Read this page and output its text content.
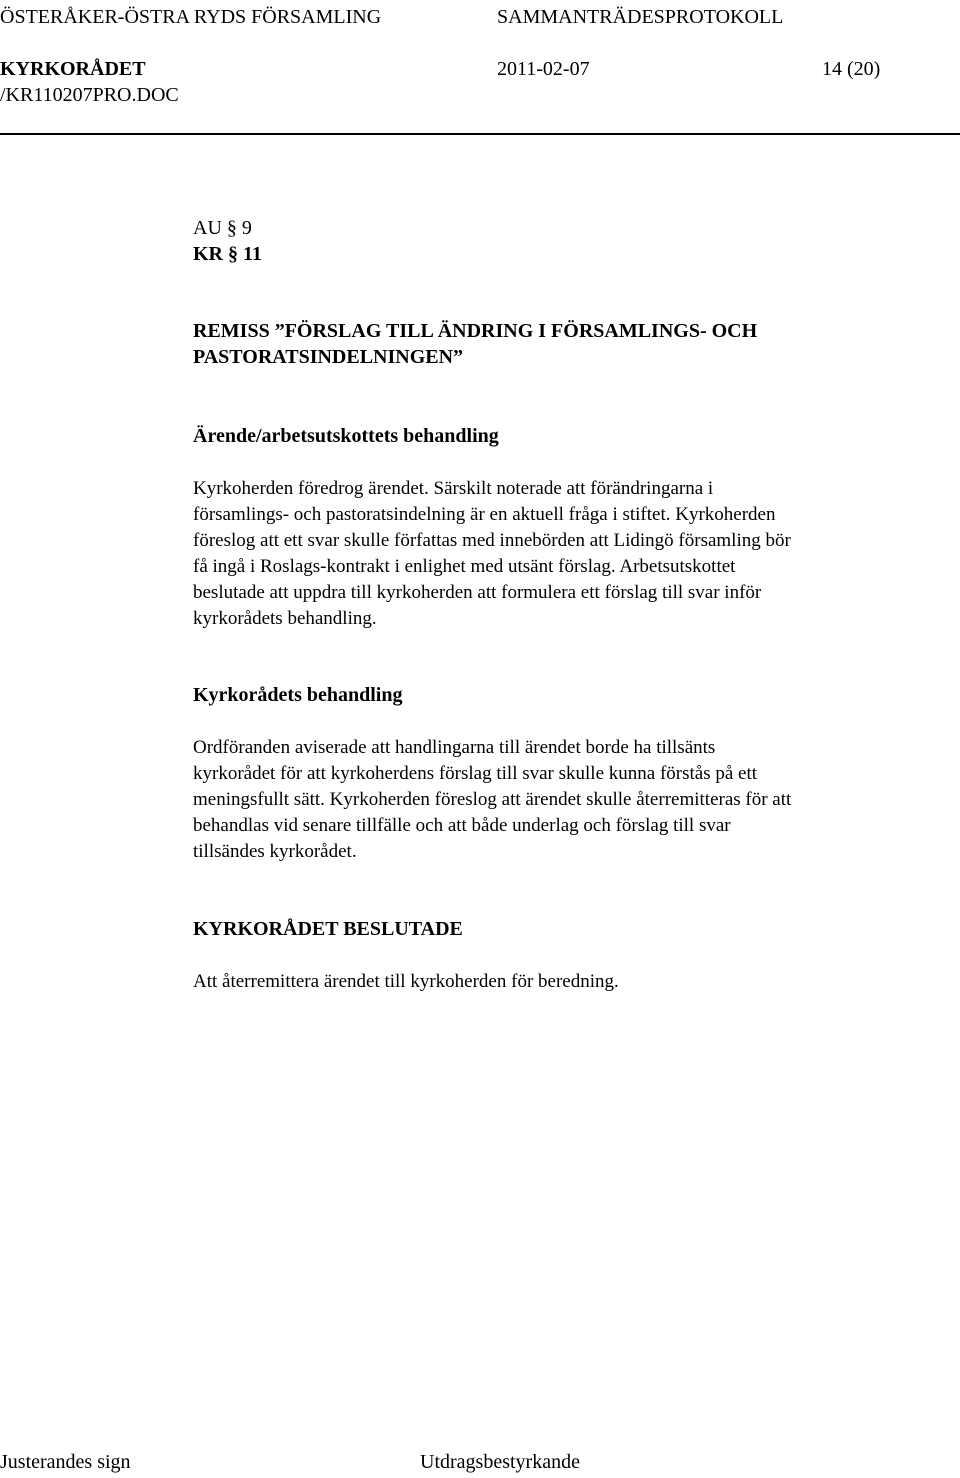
ÖSTERÅKER-ÖSTRA RYDS FÖRSAMLING	SAMMANTRÄDESPROTOKOLL
KYRKORÅDET	2011-02-07	14 (20)
/KR110207PRO.DOC
AU § 9
KR § 11
REMISS ”FÖRSLAG TILL ÄNDRING I FÖRSAMLINGS- OCH
PASTORATSINDELNINGEN”
Ärende/arbetsutskottets behandling
Kyrkoherden föredrog ärendet. Särskilt noterade att förändringarna i
församlings- och pastoratsindelning är en aktuell fråga i stiftet. Kyrkoherden
föreslog att ett svar skulle författas med innebörden att Lidingö församling bör
få ingå i Roslags-kontrakt i enlighet med utsänt förslag. Arbetsutskottet
beslutade att uppdra till kyrkoherden att formulera ett förslag till svar inför
kyrkorådets behandling.
Kyrkorådets behandling
Ordföranden aviserade att handlingarna till ärendet borde ha tillsänts
kyrkorådet för att kyrkoherdens förslag till svar skulle kunna förstås på ett
meningsfullt sätt. Kyrkoherden föreslog att ärendet skulle återremitteras för att
behandlas vid senare tillfälle och att både underlag och förslag till svar
tillsändes kyrkorådet.
KYRKORÅDET BESLUTADE
Att återremittera ärendet till kyrkoherden för beredning.
Justerandes sign	Utdragsbestyrkande
